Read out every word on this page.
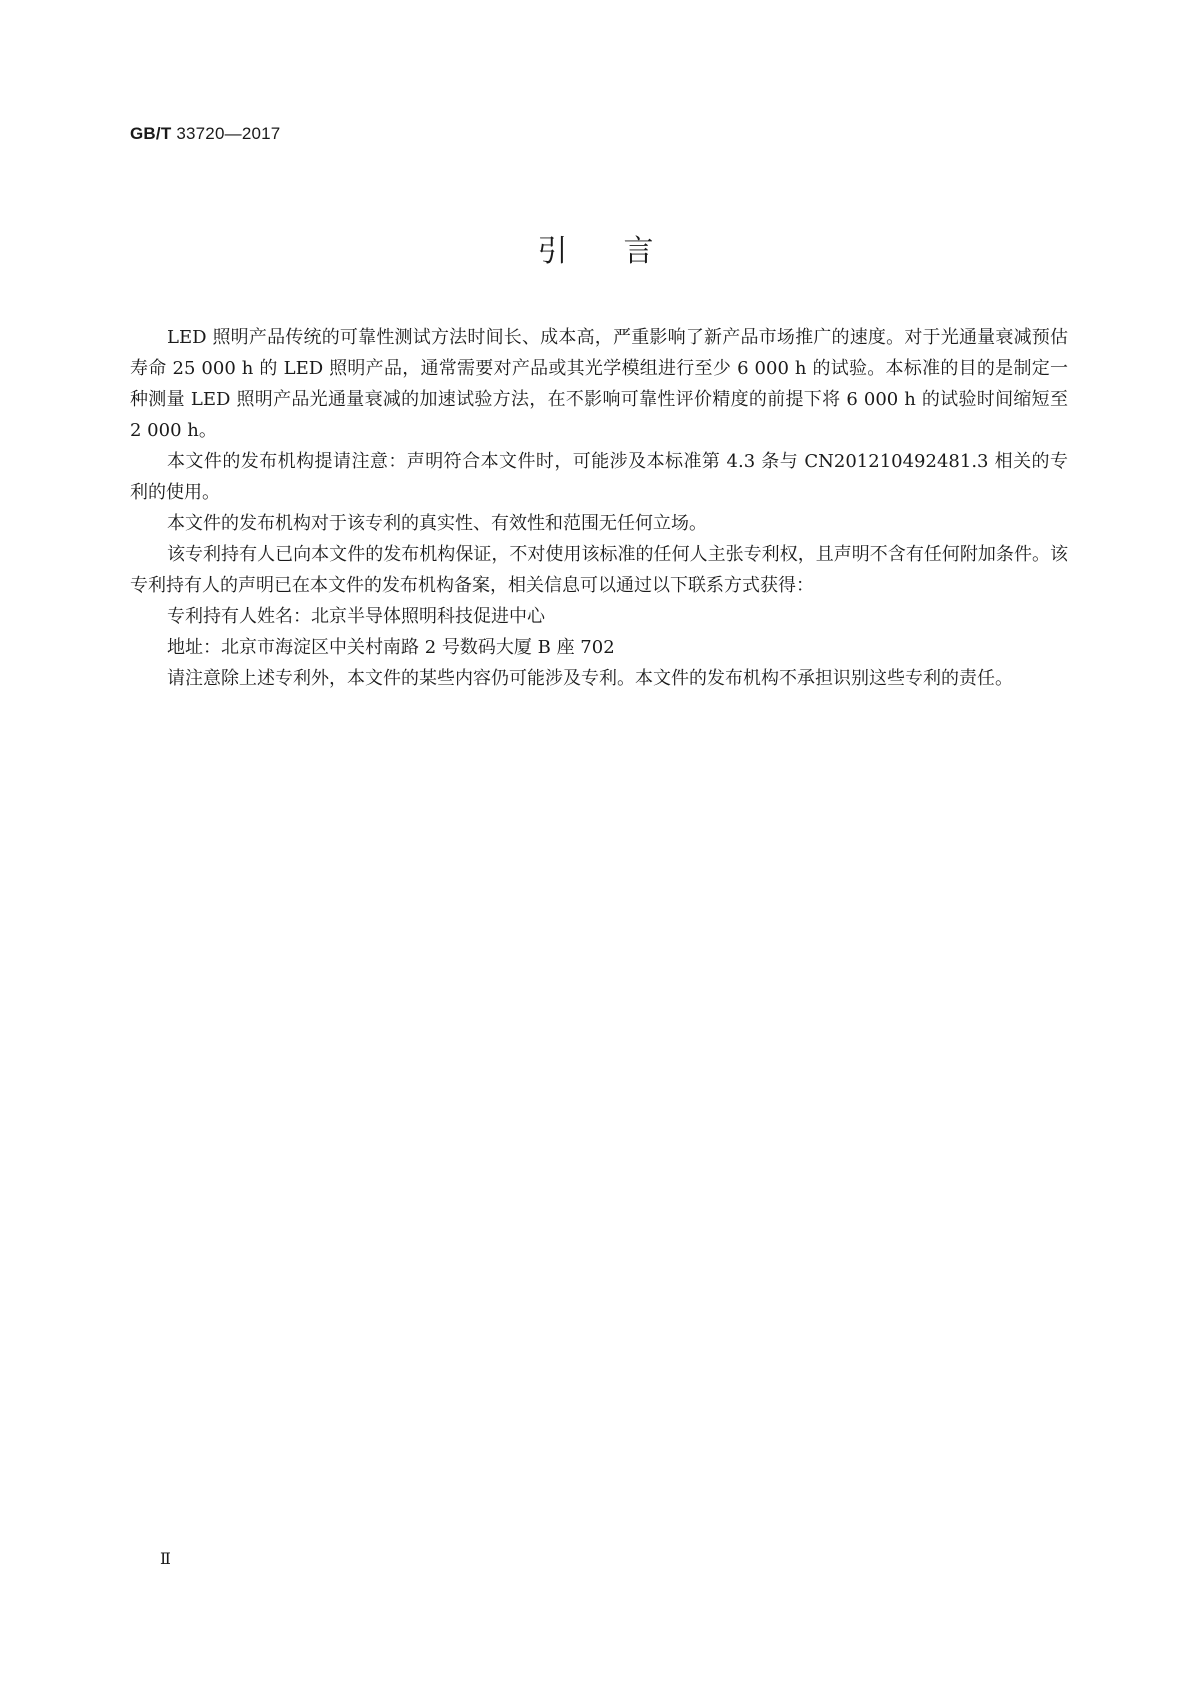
GB/T 33720—2017
引言

LED 照明产品传统的可靠性测试方法时间长、成本高，严重影响了新产品市场推广的速度。对于光通量衰减预估寿命 25 000 h 的 LED 照明产品，通常需要对产品或其光学模组进行至少 6 000 h 的试验。本标准的目的是制定一种测量 LED 照明产品光通量衰减的加速试验方法，在不影响可靠性评价精度的前提下将 6 000 h 的试验时间缩短至 2 000 h。

本文件的发布机构提请注意：声明符合本文件时，可能涉及本标准第 4.3 条与 CN201210492481.3 相关的专利的使用。

本文件的发布机构对于该专利的真实性、有效性和范围无任何立场。

该专利持有人已向本文件的发布机构保证，不对使用该标准的任何人主张专利权，且声明不含有任何附加条件。该专利持有人的声明已在本文件的发布机构备案，相关信息可以通过以下联系方式获得：

专利持有人姓名：北京半导体照明科技促进中心

地址：北京市海淀区中关村南路 2 号数码大厦 B 座 702

请注意除上述专利外，本文件的某些内容仍可能涉及专利。本文件的发布机构不承担识别这些专利的责任。

Ⅱ
